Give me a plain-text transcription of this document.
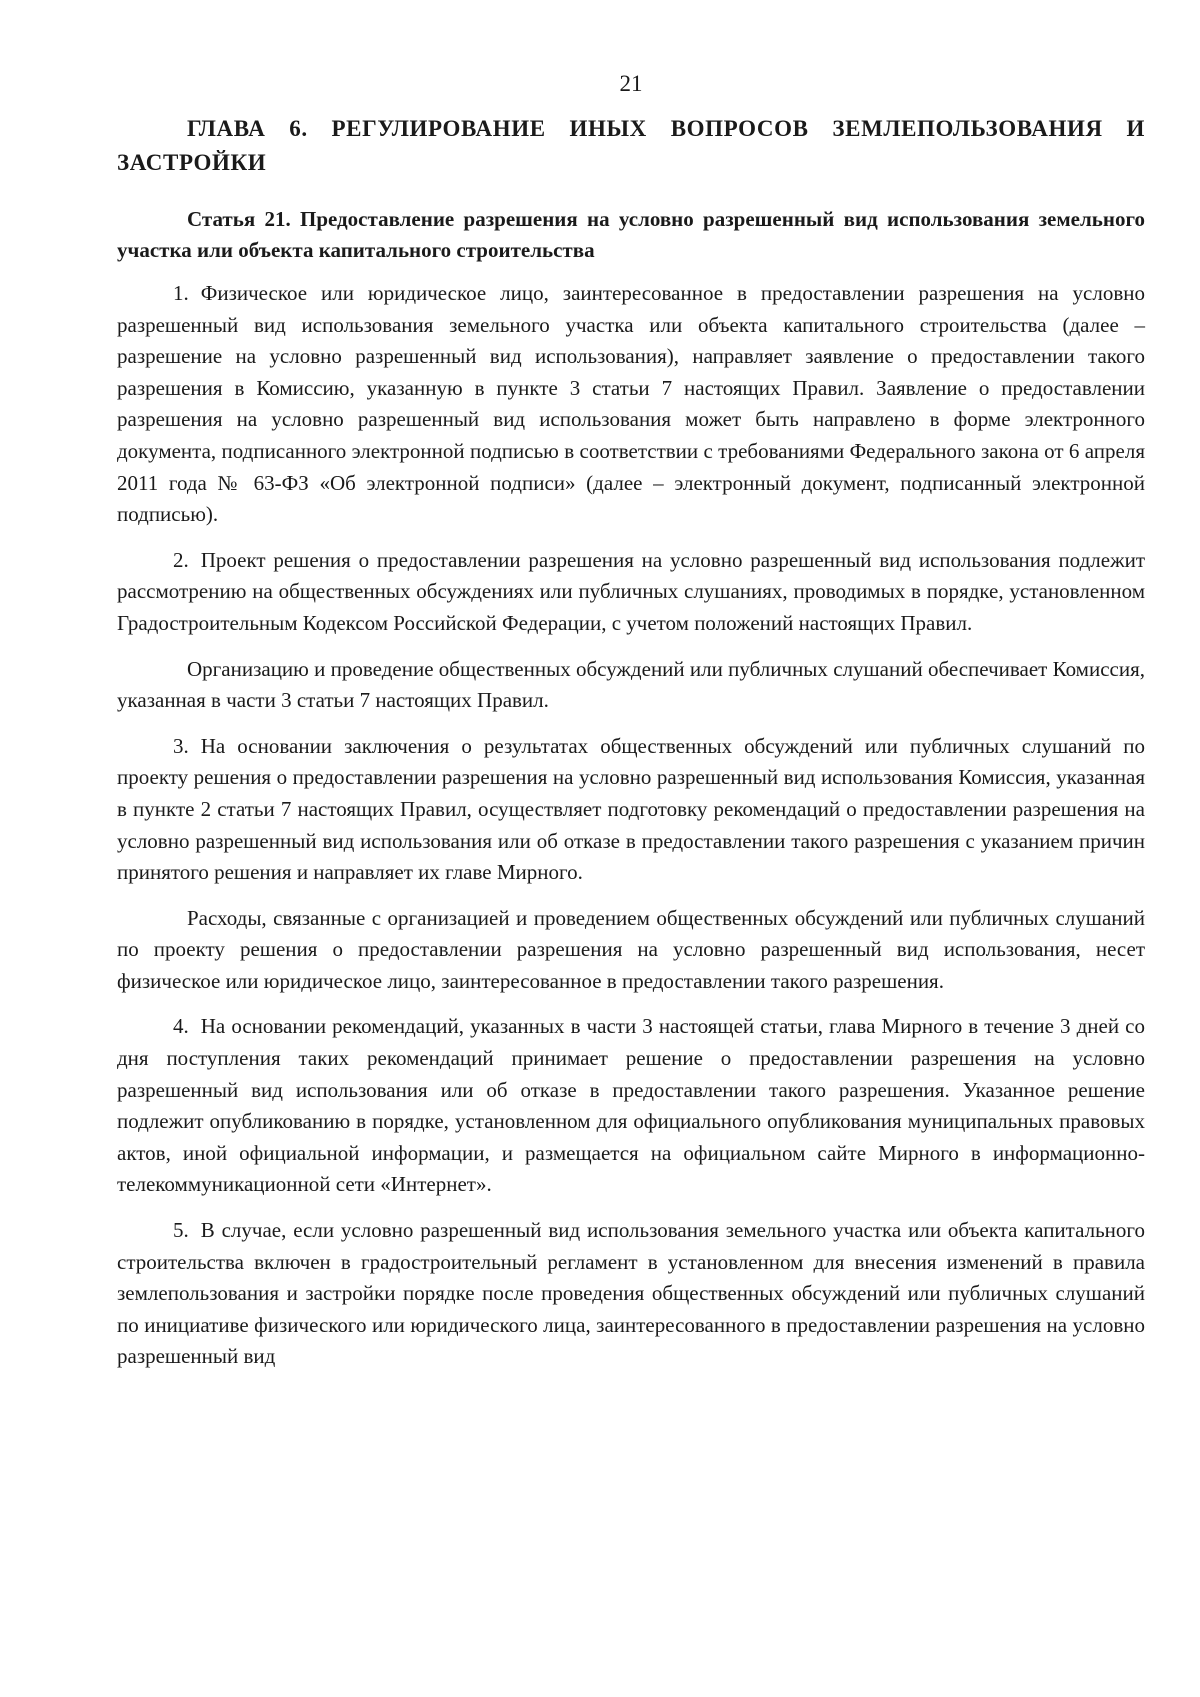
21
ГЛАВА 6. РЕГУЛИРОВАНИЕ ИНЫХ ВОПРОСОВ ЗЕМЛЕПОЛЬЗОВАНИЯ И ЗАСТРОЙКИ
Статья 21. Предоставление разрешения на условно разрешенный вид использования земельного участка или объекта капитального строительства

1. Физическое или юридическое лицо, заинтересованное в предоставлении разрешения на условно разрешенный вид использования земельного участка или объекта капитального строительства (далее – разрешение на условно разрешенный вид использования), направляет заявление о предоставлении такого разрешения в Комиссию, указанную в пункте 3 статьи 7 настоящих Правил. Заявление о предоставлении разрешения на условно разрешенный вид использования может быть направлено в форме электронного документа, подписанного электронной подписью в соответствии с требованиями Федерального закона от 6 апреля 2011 года № 63-ФЗ «Об электронной подписи» (далее – электронный документ, подписанный электронной подписью).

2. Проект решения о предоставлении разрешения на условно разрешенный вид использования подлежит рассмотрению на общественных обсуждениях или публичных слушаниях, проводимых в порядке, установленном Градостроительным Кодексом Российской Федерации, с учетом положений настоящих Правил.

Организацию и проведение общественных обсуждений или публичных слушаний обеспечивает Комиссия, указанная в части 3 статьи 7 настоящих Правил.

3. На основании заключения о результатах общественных обсуждений или публичных слушаний по проекту решения о предоставлении разрешения на условно разрешенный вид использования Комиссия, указанная в пункте 2 статьи 7 настоящих Правил, осуществляет подготовку рекомендаций о предоставлении разрешения на условно разрешенный вид использования или об отказе в предоставлении такого разрешения с указанием причин принятого решения и направляет их главе Мирного.

Расходы, связанные с организацией и проведением общественных обсуждений или публичных слушаний по проекту решения о предоставлении разрешения на условно разрешенный вид использования, несет физическое или юридическое лицо, заинтересованное в предоставлении такого разрешения.

4. На основании рекомендаций, указанных в части 3 настоящей статьи, глава Мирного в течение 3 дней со дня поступления таких рекомендаций принимает решение о предоставлении разрешения на условно разрешенный вид использования или об отказе в предоставлении такого разрешения. Указанное решение подлежит опубликованию в порядке, установленном для официального опубликования муниципальных правовых актов, иной официальной информации, и размещается на официальном сайте Мирного в информационно-телекоммуникационной сети «Интернет».

5. В случае, если условно разрешенный вид использования земельного участка или объекта капитального строительства включен в градостроительный регламент в установленном для внесения изменений в правила землепользования и застройки порядке после проведения общественных обсуждений или публичных слушаний по инициативе физического или юридического лица, заинтересованного в предоставлении разрешения на условно разрешенный вид
